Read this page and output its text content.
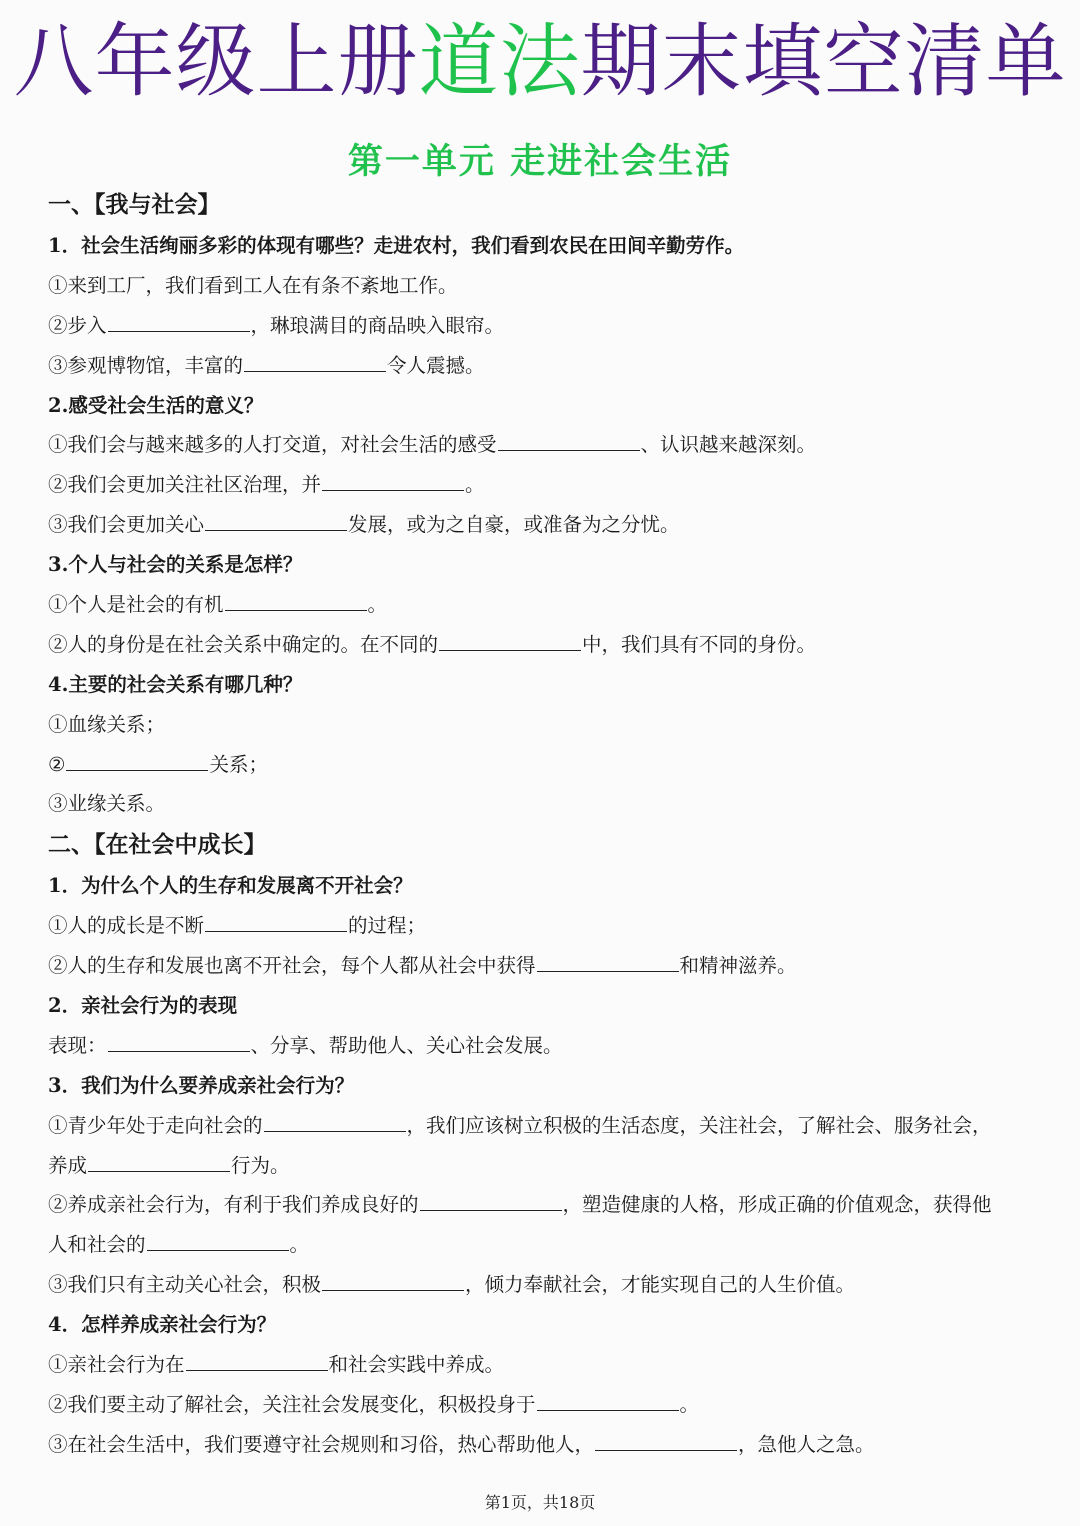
八年级上册道法期末填空清单
第一单元 走进社会生活
一、【我与社会】
1．社会生活绚丽多彩的体现有哪些？走进农村，我们看到农民在田间辛勤劳作。
①来到工厂，我们看到工人在有条不紊地工作。
②步入	，琳琅满目的商品映入眼帘。
③参观博物馆，丰富的	令人震撼。
2.感受社会生活的意义？
①我们会与越来越多的人打交道，对社会生活的感受	、认识越来越深刻。
②我们会更加关注社区治理，并	。
③我们会更加关心	发展，或为之自豪，或准备为之分忧。
3.个人与社会的关系是怎样？
①个人是社会的有机	。
②人的身份是在社会关系中确定的。在不同的	中，我们具有不同的身份。
4.主要的社会关系有哪几种？
①血缘关系；
②	关系；
③业缘关系。
二、【在社会中成长】
1．为什么个人的生存和发展离不开社会？
①人的成长是不断	的过程；
②人的生存和发展也离不开社会，每个人都从社会中获得	和精神滋养。
2．亲社会行为的表现
表现：	、分享、帮助他人、关心社会发展。
3．我们为什么要养成亲社会行为？
①青少年处于走向社会的	，我们应该树立积极的生活态度，关注社会，了解社会、服务社会，
养成	行为。
②养成亲社会行为，有利于我们养成良好的	，塑造健康的人格，形成正确的价值观念，获得他
人和社会的	。
③我们只有主动关心社会，积极	，倾力奉献社会，才能实现自己的人生价值。
4．怎样养成亲社会行为？
①亲社会行为在	和社会实践中养成。
②我们要主动了解社会，关注社会发展变化，积极投身于	。
③在社会生活中，我们要遵守社会规则和习俗，热心帮助他人，	，急他人之急。
第1页，共18页
